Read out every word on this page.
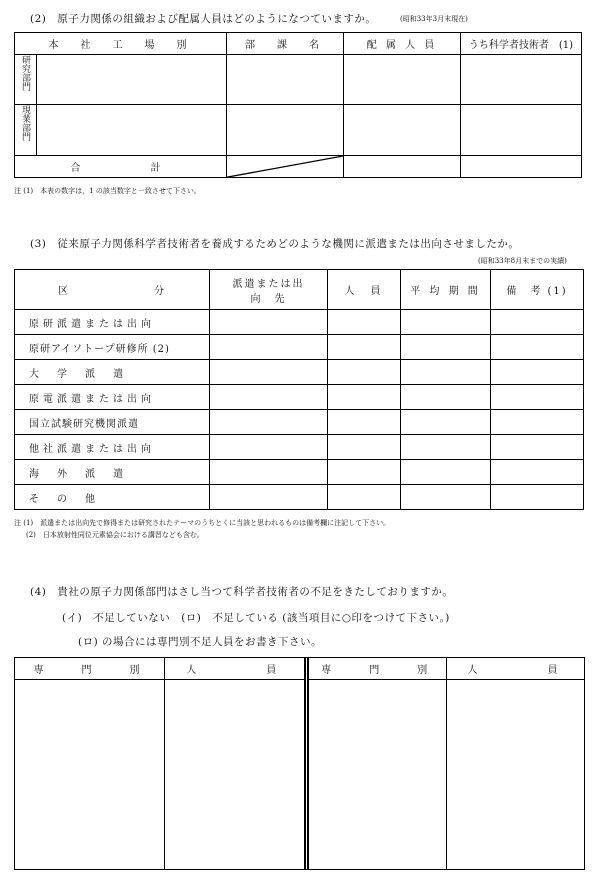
(2)　原子力関係の組織および配属人員はどのようになつていますか。	(昭和33年3月末現在)
本　社　工　場　別		部　課　名	配 属 人 員	うち科学者技術者　(1)
研究部門				
現業部門				
合　　　計	

注 (1)　本表の数字は，1 の該当数字と一致させて下さい。
(3)　従来原子力関係科学者技術者を養成するためどのような機関に派遣または出向させましたか。
(昭和33年8月末までの実績)
区　　　　　　　分	派遣または出　向　先	人　員	平 均 期 間	備　考 (1)
原研派遣または出向				
原研アイソトープ研修所 (2)				
大　学　派　遣				
原電派遣または出向				
国立試験研究機関派遣				
他社派遣または出向				
海　外　派　遣				
そ　の　他				
注 (1)　派遣または出向先で修得または研究されたテーマのうちとくに当該と思われるものは備考欄に注記して下さい。
(2)　日本放射性同位元素協会における講習なども含む。
(4)　貴社の原子力関係部門はさし当つて科学者技術者の不足をきたしておりますか。
(イ)　不足していない　(ロ)　不足している (該当項目に○印をつけて下さい。)
(ロ) の場合には専門別不足人員をお書き下さい。
専　　門　　別	人　　　　員		専　　門　　別	人　　　　員
